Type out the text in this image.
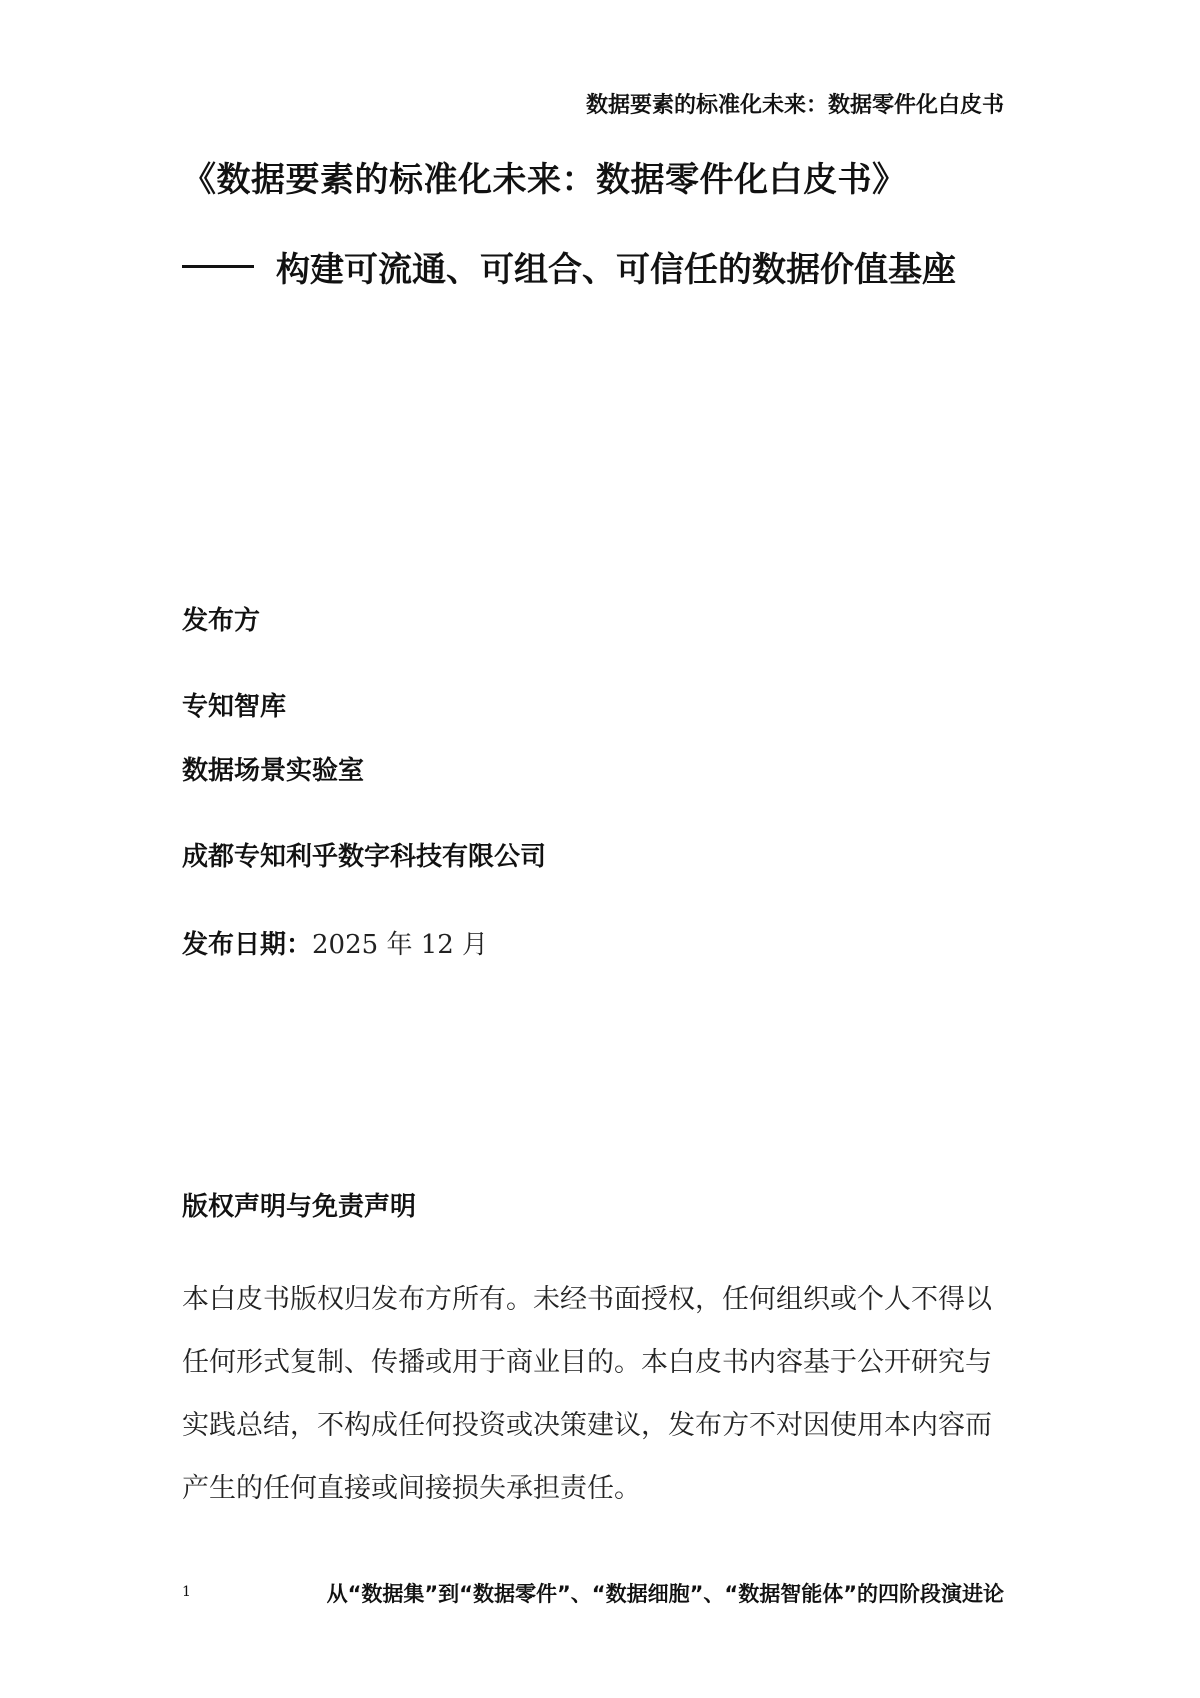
数据要素的标准化未来：数据零件化白皮书
《数据要素的标准化未来：数据零件化白皮书》
构建可流通、可组合、可信任的数据价值基座
发布方
专知智库
数据场景实验室
成都专知利乎数字科技有限公司
发布日期：2025 年 12 月
版权声明与免责声明
本白皮书版权归发布方所有。未经书面授权，任何组织或个人不得以
任何形式复制、传播或用于商业目的。本白皮书内容基于公开研究与
实践总结，不构成任何投资或决策建议，发布方不对因使用本内容而
产生的任何直接或间接损失承担责任。
1	从“数据集”到“数据零件”、“数据细胞”、“数据智能体”的四阶段演进论
